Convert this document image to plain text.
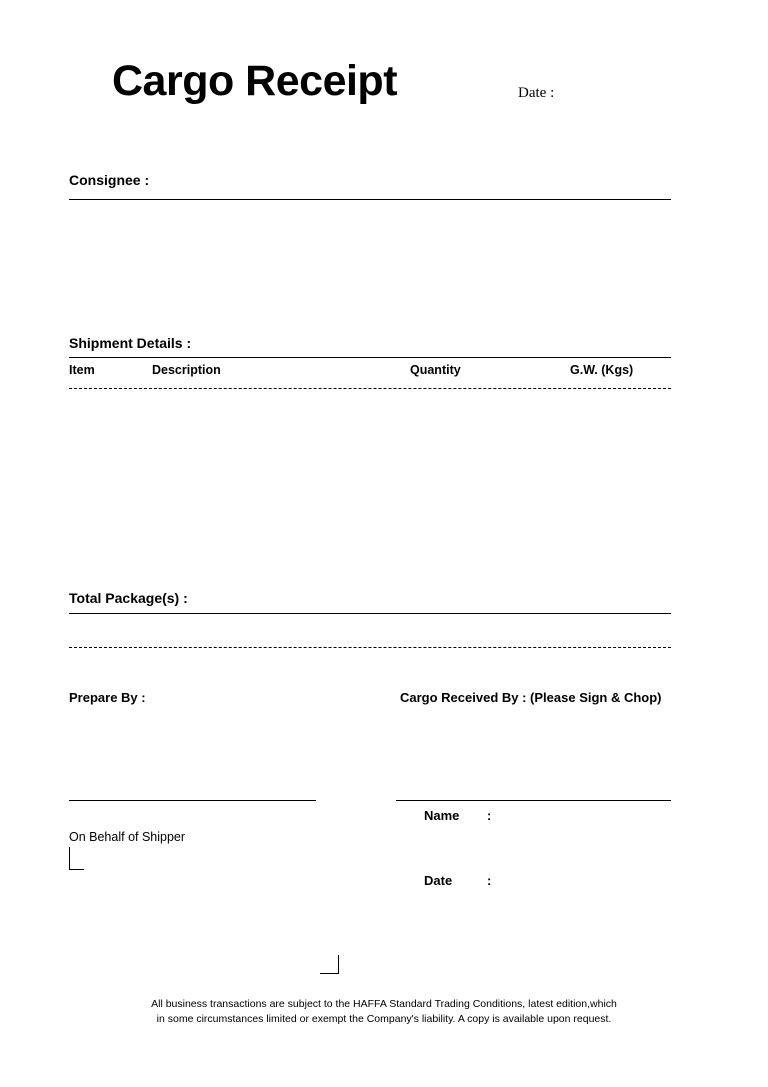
Cargo Receipt	Date :
Consignee :
Shipment Details :
Item	Description	Quantity	G.W. (Kgs)
Total Package(s) :
Prepare By :	Cargo Received By : (Please Sign & Chop)
On Behalf of Shipper
Name :
Date	:
All business transactions are subject to the HAFFA Standard Trading Conditions, latest edition,which
in some circumstances limited or exempt the Company's liability. A copy is available upon request.
